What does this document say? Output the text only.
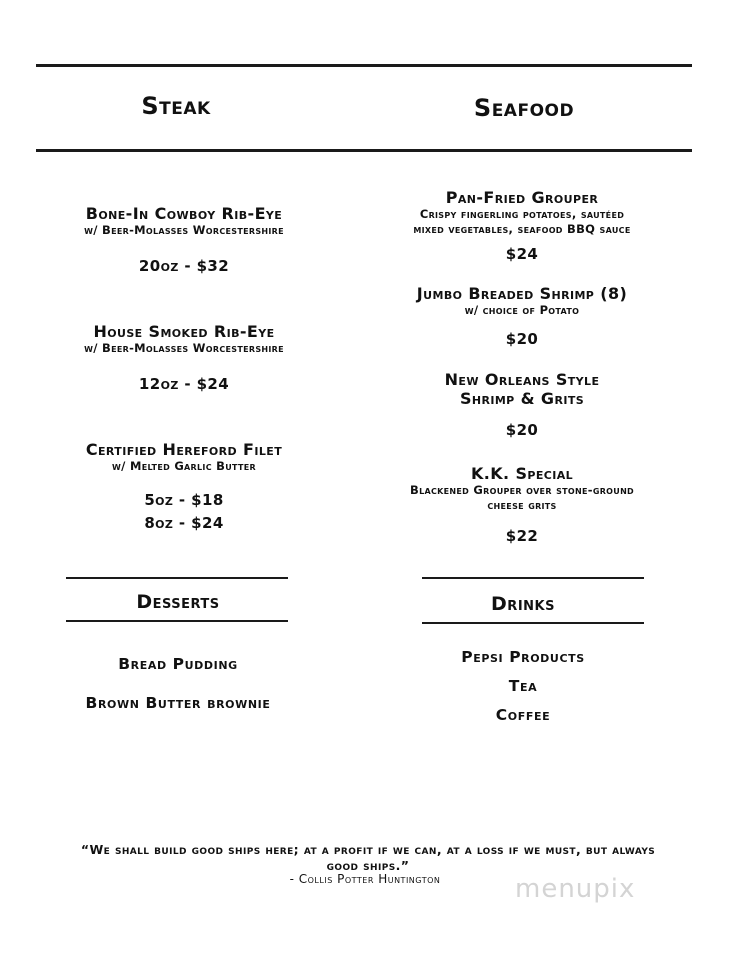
Steak	Seafood
Bone-In Cowboy Rib-Eye
w/ Beer-Molasses Worcestershire
20oz - $32
House Smoked Rib-Eye
w/ Beer-Molasses Worcestershire
12oz - $24
Certified Hereford Filet
w/ Melted Garlic Butter
5oz - $18
8oz - $24
Pan-Fried Grouper
Crispy fingerling potatoes, sautéed
mixed vegetables, seafood BBQ sauce
$24
Jumbo Breaded Shrimp (8)
w/ choice of Potato
$20
New Orleans Style
Shrimp & Grits
$20
K.K. Special
Blackened Grouper over stone-ground
cheese grits
$22
Desserts
Bread Pudding
Brown Butter brownie
Drinks
Pepsi Products
Tea
Coffee
“We shall build good ships here; at a profit if we can, at a loss if we must, but always
good ships.”
- Collis Potter Huntington	menupix
